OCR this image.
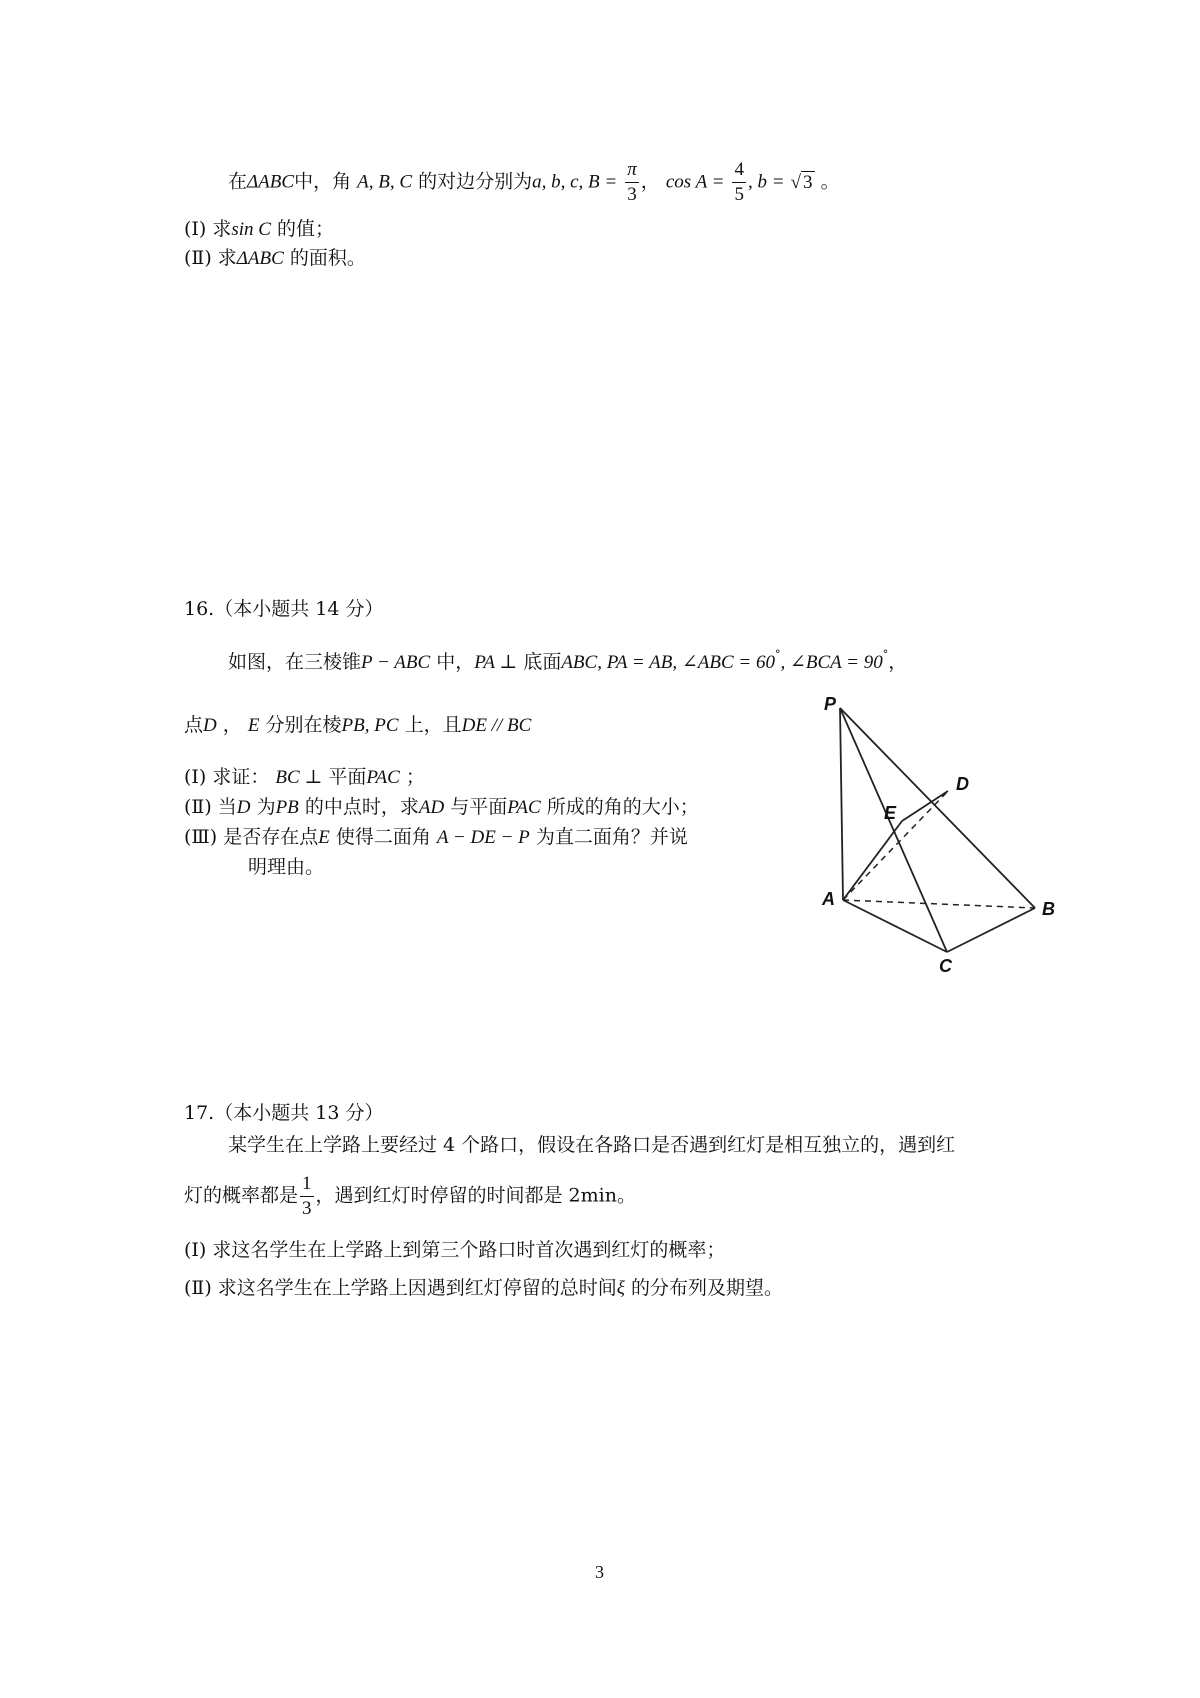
在ΔABC中，角 A, B, C 的对边分别为a, b, c, $B = \frac{\pi}{3}$ ， $\cos A = \frac{4}{5}$ , b = √ 3 。
(I) 求sin C 的值；
(Ⅱ) 求ΔABC 的面积。
16.（本小题共 14 分）
如图，在三棱锥P − ABC 中，PA ⊥ 底面ABC, PA = AB, ∠ABC = 60°, ∠BCA = 90°，
点D ， E 分别在棱PB, PC 上，且DE // BC
(I) 求证： BC ⊥ 平面PAC ；
(Ⅱ) 当D 为PB 的中点时，求AD 与平面PAC 所成的角的大小；
(Ⅲ) 是否存在点E 使得二面角 A − DE − P 为直二面角？并说
明理由。
P
A	B
C
D
E
17.（本小题共 13 分）
某学生在上学路上要经过 4 个路口，假设在各路口是否遇到红灯是相互独立的，遇到红
灯的概率都是 $\frac{1}{3}$ ，遇到红灯时停留的时间都是 2min。
(Ⅰ) 求这名学生在上学路上到第三个路口时首次遇到红灯的概率；
(Ⅱ) 求这名学生在上学路上因遇到红灯停留的总时间ξ 的分布列及期望。
3
